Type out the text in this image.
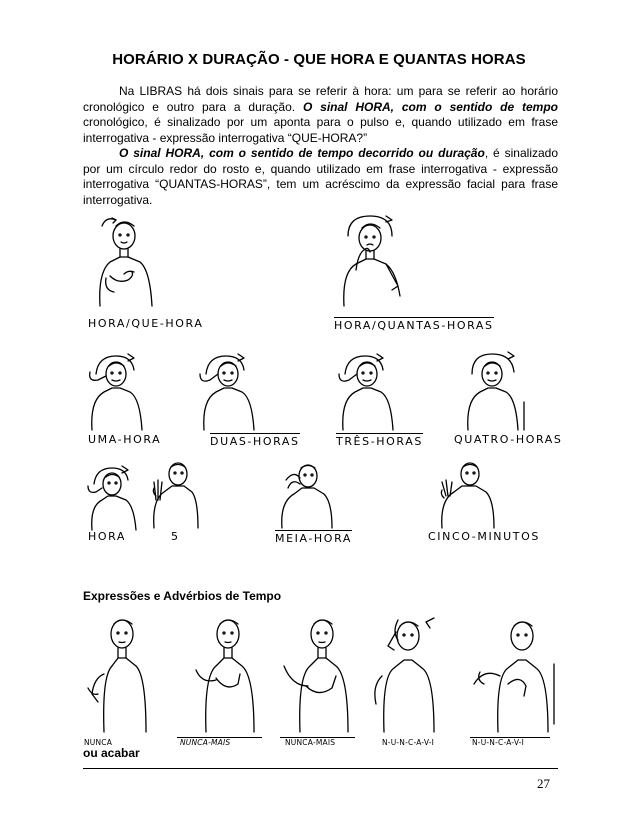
HORÁRIO X DURAÇÃO - QUE HORA E QUANTAS HORAS
Na LIBRAS há dois sinais para se referir à hora: um para se referir ao horário cronológico e outro para a duração. O sinal HORA, com o sentido de tempo cronológico, é sinalizado por um aponta para o pulso e, quando utilizado em frase interrogativa - expressão interrogativa “QUE-HORA?”
O sinal HORA, com o sentido de tempo decorrido ou duração, é sinalizado por um círculo redor do rosto e, quando utilizado em frase interrogativa - expressão interrogativa “QUANTAS-HORAS”, tem um acréscimo da expressão facial para frase interrogativa.
HORA/QUE-HORA	HORA/QUANTAS-HORAS
UMA-HORA	DUAS-HORAS	TRÊS-HORAS	QUATRO-HORAS
HORA	5	MEIA-HORA	CINCO-MINUTOS
Expressões e Advérbios de Tempo
NUNCA	NUNCA-MAIS	NUNCA-MAIS	N-U-N-C-A-V-I	N-U-N-C-A-V-I
ou acabar
27
